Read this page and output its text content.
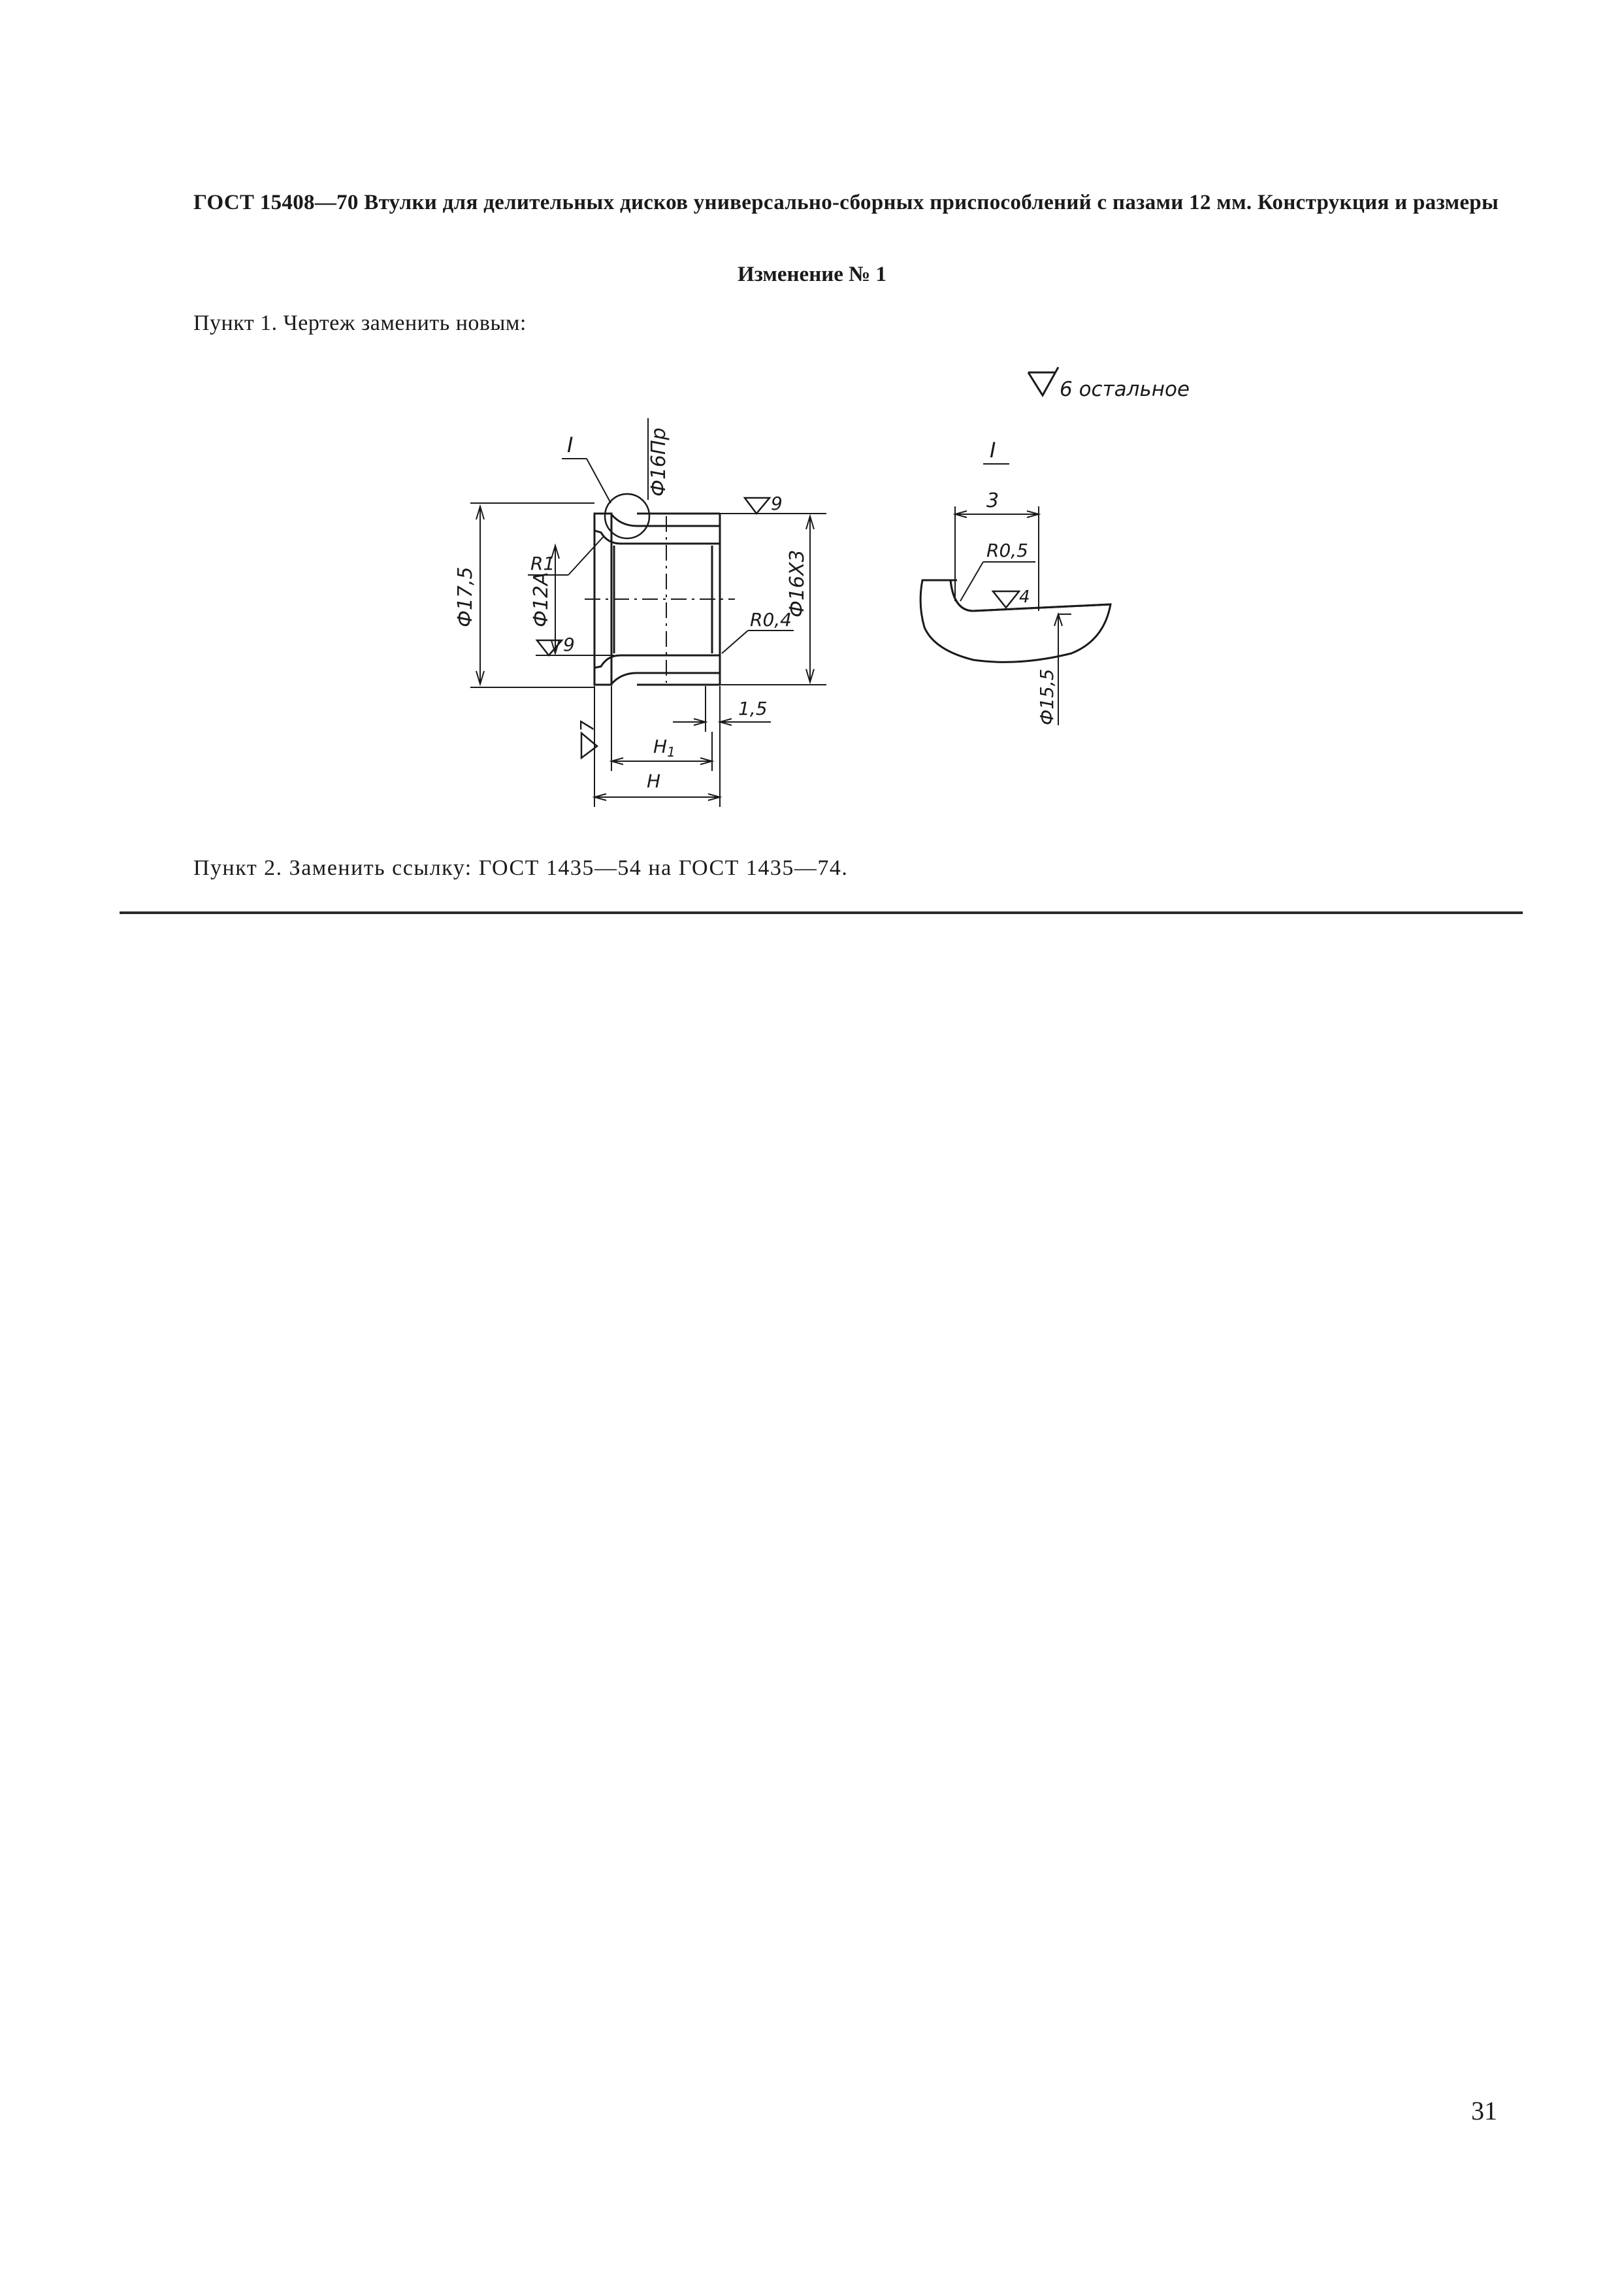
ГОСТ 15408—70 Втулки для делительных дисков универсально-сборных приспособлений с пазами 12 мм. Конструкция и размеры
Изменение № 1
Пункт 1. Чертеж заменить новым:
6 остальное
I	Ф16Пр
9
Ф17,5	Ф12А
R1
9
Ф16Х3
R0,4
1,5
$H_1$
H
7
I
3
R0,5
4
Ф15,5
Пункт 2. Заменить ссылку: ГОСТ 1435—54 на ГОСТ 1435—74.
31
